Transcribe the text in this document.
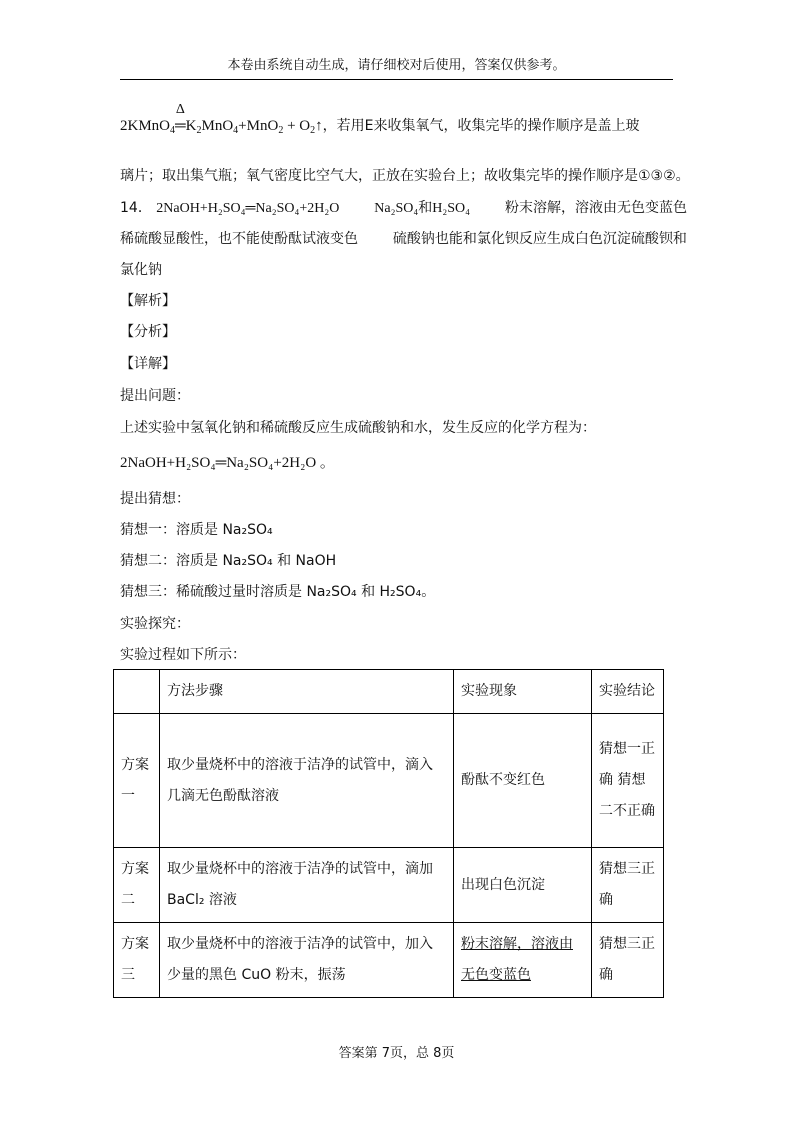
本卷由系统自动生成，请仔细校对后使用，答案仅供参考。
2KMnO$_4$
Δ
$═K_2MnO_4+MnO_2$ + $O_2↑$，若用E来收集氧气，收集完毕的操作顺序是盖上玻
璃片；取出集气瓶；氧气密度比空气大，正放在实验台上；故收集完毕的操作顺序是①③②。
14． 2NaOH+H₂SO₄═Na₂SO₄+2H₂O Na₂SO₄和H₂SO₄ 粉末溶解，溶液由无色变蓝色
稀硫酸显酸性，也不能使酚酞试液变色 硫酸钠也能和氯化钡反应生成白色沉淀硫酸钡和
氯化钠
【解析】
【分析】
【详解】
提出问题：
上述实验中氢氧化钠和稀硫酸反应生成硫酸钠和水，发生反应的化学方程为：
2NaOH+H₂SO₄═Na₂SO₄+2H₂O 。
提出猜想：
猜想一：溶质是 Na₂SO₄
猜想二：溶质是 Na₂SO₄ 和 NaOH
猜想三：稀硫酸过量时溶质是 Na₂SO₄ 和 H₂SO₄。
实验探究：
实验过程如下所示：
	方法步骤	实验现象	实验结论
方案一	取少量烧杯中的溶液于洁净的试管中，滴入几滴无色酚酞溶液	酚酞不变红色	猜想一正确 猜想二不正确
方案二	取少量烧杯中的溶液于洁净的试管中，滴加 BaCl₂ 溶液	出现白色沉淀	猜想三正确
方案三	取少量烧杯中的溶液于洁净的试管中，加入少量的黑色 CuO 粉末，振荡	粉末溶解，溶液由无色变蓝色	猜想三正确
答案第 7页，总 8页
